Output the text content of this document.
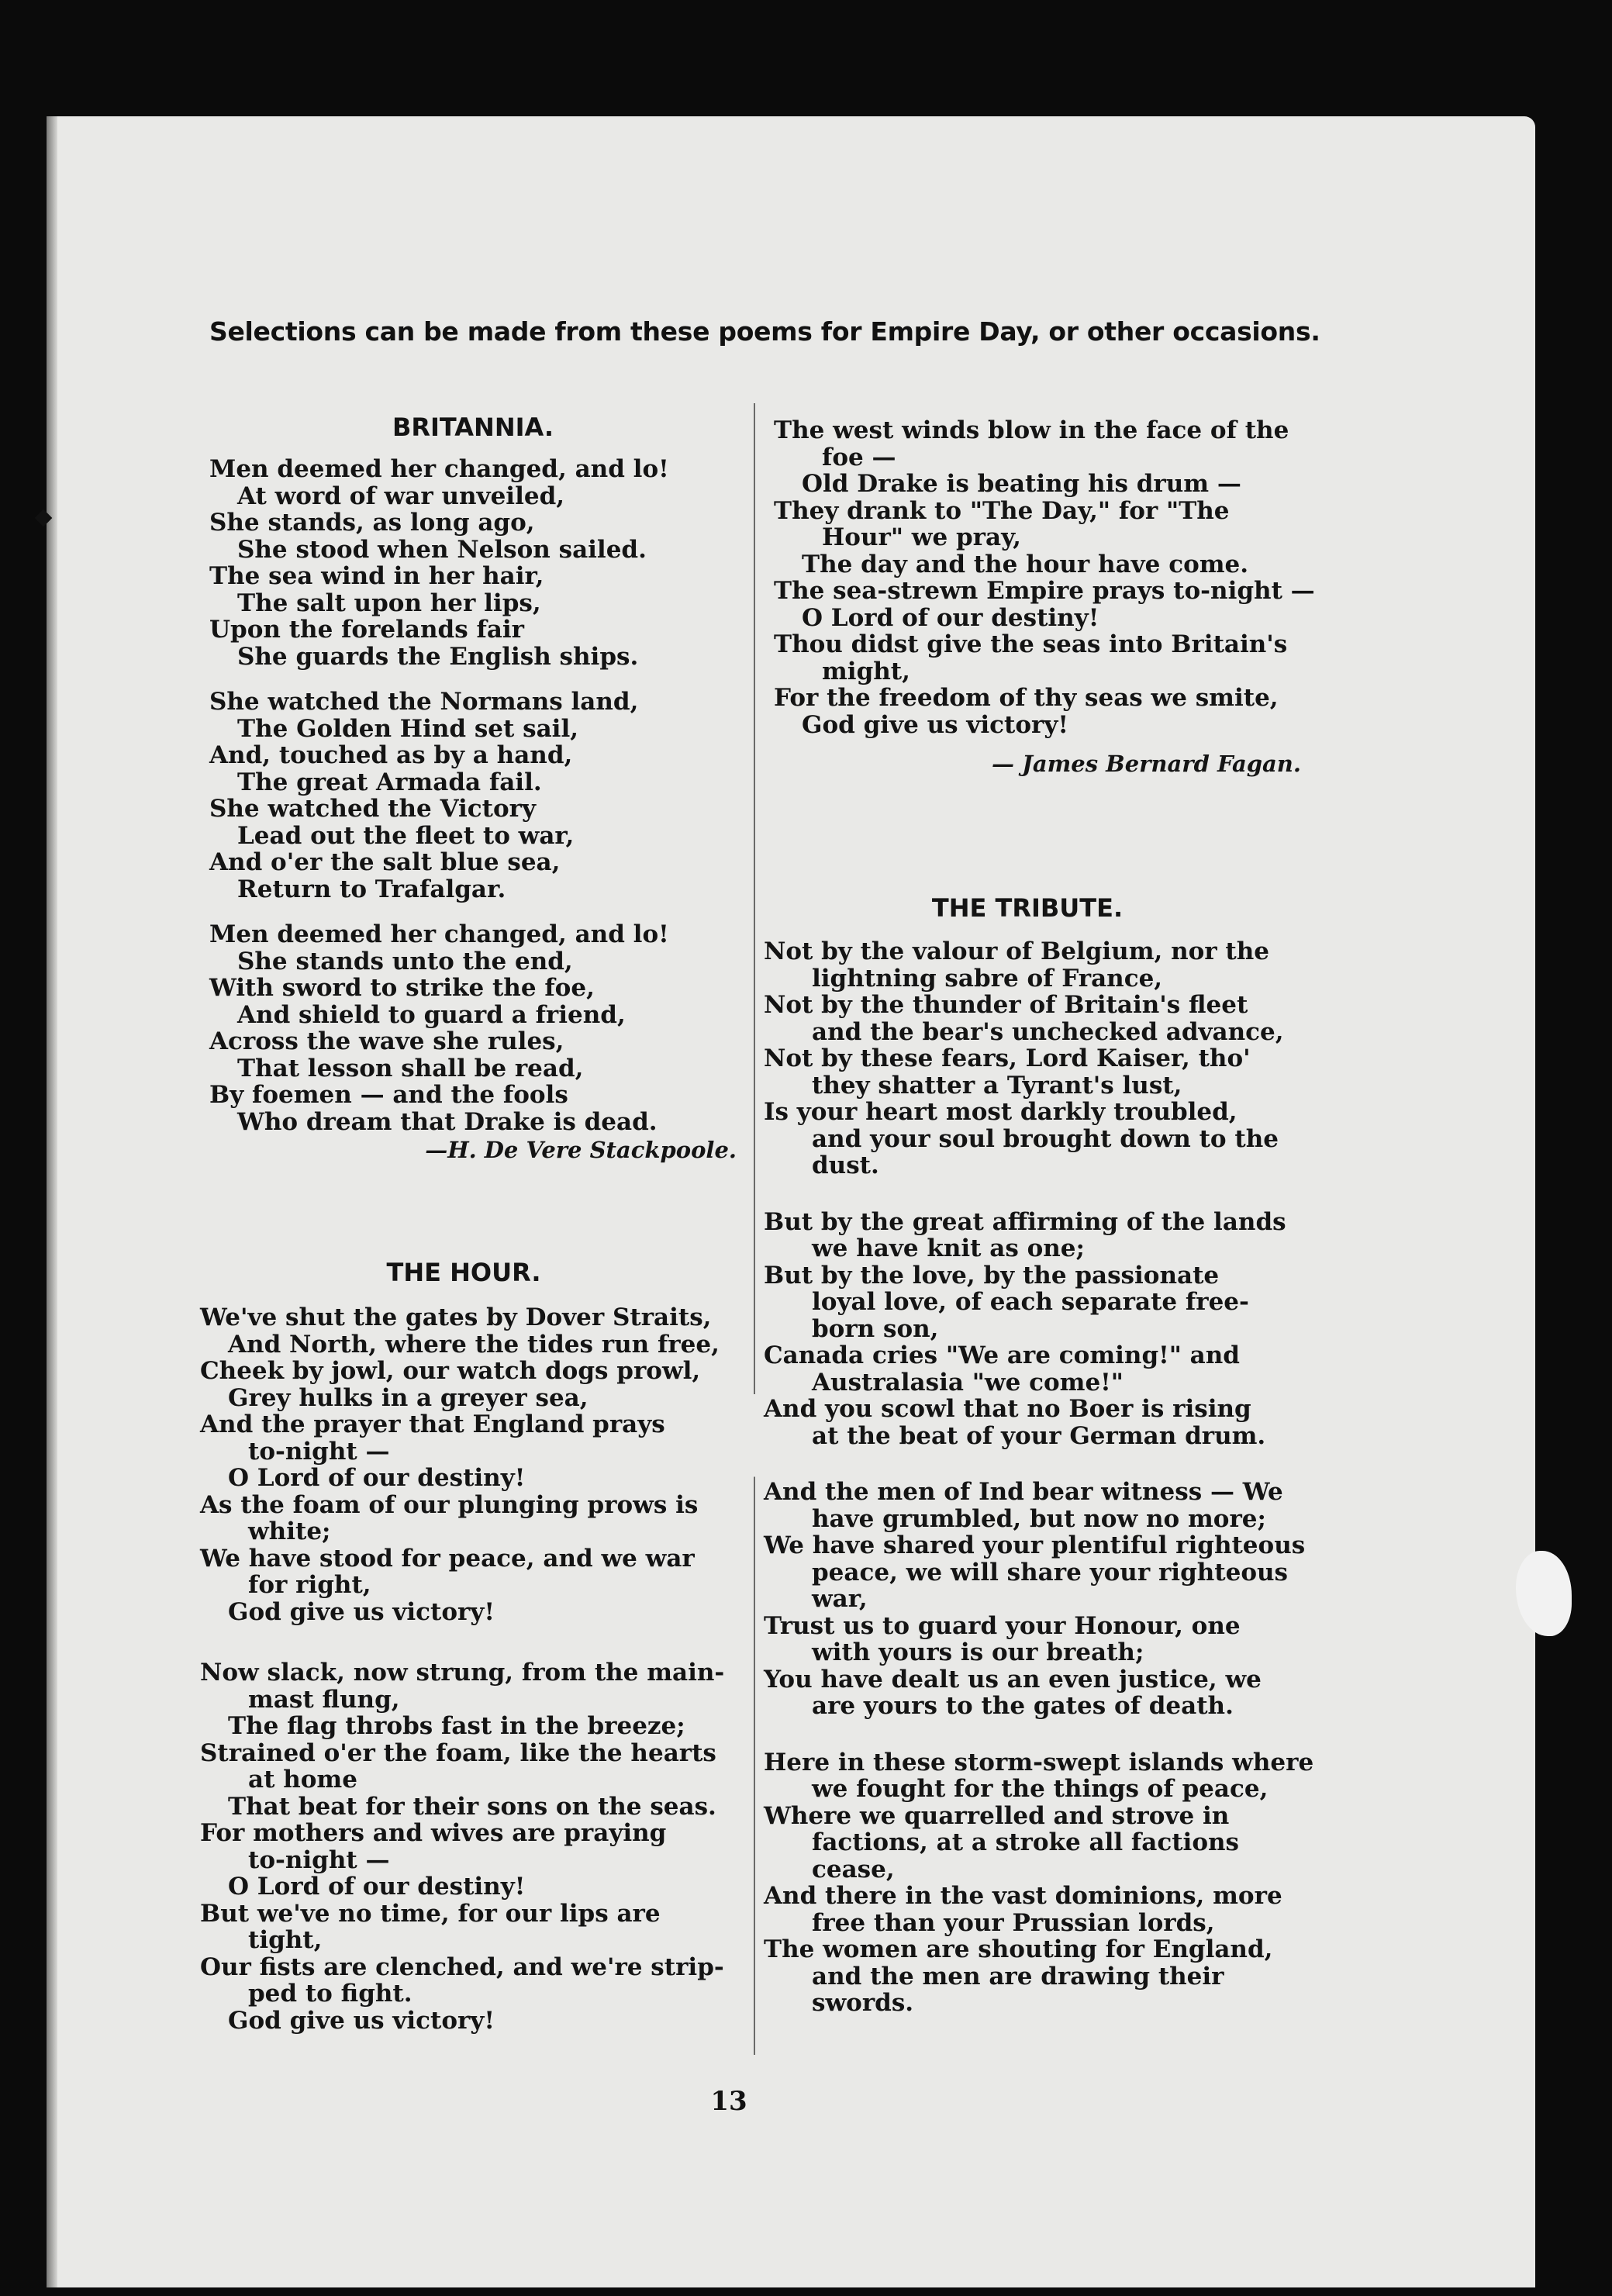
Selections can be made from these poems for Empire Day, or other occasions.
BRITANNIA.
Men deemed her changed, and lo!
At word of war unveiled,
She stands, as long ago,
She stood when Nelson sailed.
The sea wind in her hair,
The salt upon her lips,
Upon the forelands fair
She guards the English ships.
She watched the Normans land,
The Golden Hind set sail,
And, touched as by a hand,
The great Armada fail.
She watched the Victory
Lead out the fleet to war,
And o'er the salt blue sea,
Return to Trafalgar.
Men deemed her changed, and lo!
She stands unto the end,
With sword to strike the foe,
And shield to guard a friend,
Across the wave she rules,
That lesson shall be read,
By foemen — and the fools
Who dream that Drake is dead.
—H. De Vere Stackpoole.
THE HOUR.
We've shut the gates by Dover Straits,
And North, where the tides run free,
Cheek by jowl, our watch dogs prowl,
Grey hulks in a greyer sea,
And the prayer that England prays
to-night —
O Lord of our destiny!
As the foam of our plunging prows is
white;
We have stood for peace, and we war
for right,
God give us victory!
Now slack, now strung, from the main-
mast flung,
The flag throbs fast in the breeze;
Strained o'er the foam, like the hearts
at home
That beat for their sons on the seas.
For mothers and wives are praying
to-night —
O Lord of our destiny!
But we've no time, for our lips are
tight,
Our fists are clenched, and we're strip-
ped to fight.
God give us victory!
The west winds blow in the face of the
foe —
Old Drake is beating his drum —
They drank to "The Day," for "The
Hour" we pray,
The day and the hour have come.
The sea-strewn Empire prays to-night —
O Lord of our destiny!
Thou didst give the seas into Britain's
might,
For the freedom of thy seas we smite,
God give us victory!
— James Bernard Fagan.
THE TRIBUTE.
Not by the valour of Belgium, nor the
lightning sabre of France,
Not by the thunder of Britain's fleet
and the bear's unchecked advance,
Not by these fears, Lord Kaiser, tho'
they shatter a Tyrant's lust,
Is your heart most darkly troubled,
and your soul brought down to the
dust.
But by the great affirming of the lands
we have knit as one;
But by the love, by the passionate
loyal love, of each separate free-
born son,
Canada cries "We are coming!" and
Australasia "we come!"
And you scowl that no Boer is rising
at the beat of your German drum.
And the men of Ind bear witness — We
have grumbled, but now no more;
We have shared your plentiful righteous
peace, we will share your righteous
war,
Trust us to guard your Honour, one
with yours is our breath;
You have dealt us an even justice, we
are yours to the gates of death.
Here in these storm-swept islands where
we fought for the things of peace,
Where we quarrelled and strove in
factions, at a stroke all factions
cease,
And there in the vast dominions, more
free than your Prussian lords,
The women are shouting for England,
and the men are drawing their
swords.
13
